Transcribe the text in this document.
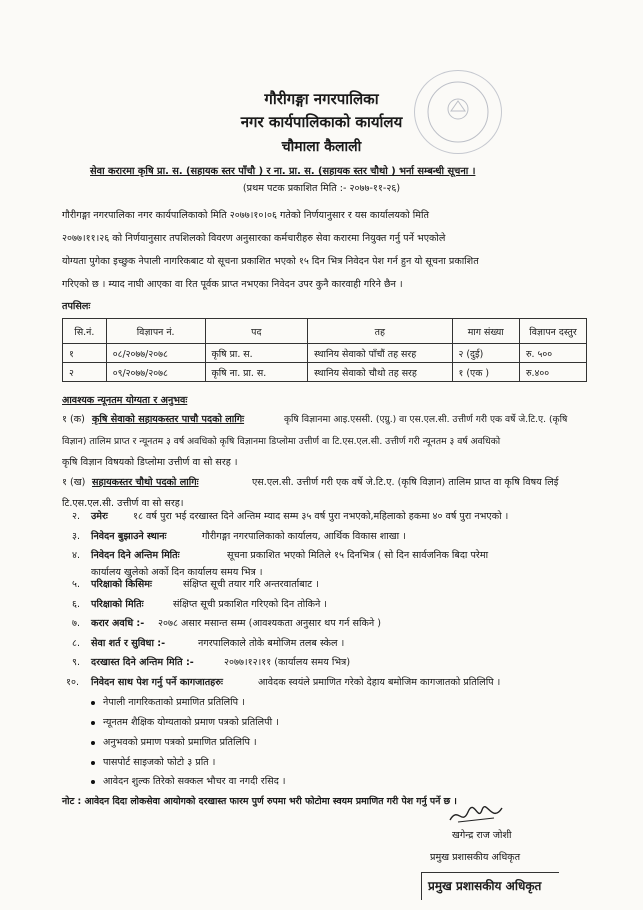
गौरीगङ्गा नगरपालिका
नगर कार्यपालिकाको कार्यालय
चौमाला कैलाली
सेवा करारमा कृषि प्रा. स. (सहायक स्तर पाँचौ ) र ना. प्रा. स. (सहायक स्तर चौथो ) भर्ना सम्बन्धी सूचना ।
(प्रथम पटक प्रकाशित मिति :- २०७७-११-२६)
गौरीगङ्गा नगरपालिका नगर कार्यपालिकाको मिति २०७७।१०।०६ गतेको निर्णयानुसार र यस कार्यालयको मिति
२०७७।११।२६ को निर्णयानुसार तपशिलको विवरण अनुसारका कर्मचारीहरु सेवा करारमा नियुक्त गर्नु पर्ने भएकोले
योग्यता पुगेका इच्छुक नेपाली नागरिकबाट यो सूचना प्रकाशित भएको १५ दिन भित्र निवेदन पेश गर्न हुन यो सूचना प्रकाशित
गरिएको छ । म्याद नाघी आएका वा रित पूर्वक प्राप्त नभएका निवेदन उपर कुनै कारवाही गरिने छैन ।
तपसिलः
सि.नं.	विज्ञापन नं.	पद	तह	माग संख्या	विज्ञापन दस्तुर
१	०८/२०७७/२०७८	कृषि प्रा. स.	स्थानिय सेवाको पाँचौं तह सरह	२ (दुई)	रु. ५००
२	०९/२०७७/२०७८	कृषि ना. प्रा. स.	स्थानिय सेवाको चौथो तह सरह	१ (एक )	रु.४००
आवश्यक न्यूनतम योग्यता र अनुभवः
१ (क) कृषि सेवाको सहायकस्तर पाचौ पदको लागिः	कृषि विज्ञानमा आइ.एससी. (एग्रु.) वा एस.एल.सी. उत्तीर्ण गरी एक वर्षे जे.टि.ए. (कृषि
विज्ञान) तालिम प्राप्त र न्यूनतम ३ वर्ष अवधिको कृषि विज्ञानमा डिप्लोमा उत्तीर्ण वा टि.एस.एल.सी. उत्तीर्ण गरी न्यूनतम ३ वर्ष अवधिको
कृषि विज्ञान विषयको डिप्लोमा उत्तीर्ण वा सो सरह ।
१ (ख) सहायकस्तर चौथो पदको लागिः	एस.एल.सी. उत्तीर्ण गरी एक वर्षे जे.टि.ए. (कृषि विज्ञान) तालिम प्राप्त वा कृषि विषय लिई
टि.एस.एल.सी. उत्तीर्ण वा सो सरह।
२. उमेरः	१८ वर्ष पुरा भई दरखास्त दिने अन्तिम म्याद सम्म ३५ वर्ष पुरा नभएको,महिलाको हकमा ४० वर्ष पुरा नभएको ।
३. निवेदन बुझाउने स्थानः	गौरीगङ्गा नगरपालिकाको कार्यालय, आर्थिक विकास शाखा ।
४. निवेदन दिने अन्तिम मितिः	सूचना प्रकाशित भएको मितिले १५ दिनभित्र ( सो दिन सार्वजनिक बिदा परेमा
कार्यालय खुलेको अर्को दिन कार्यालय समय भित्र ।
५. परिक्षाको किसिमः	संक्षिप्त सूची तयार गरि अन्तरवार्ताबाट ।
६. परिक्षाको मितिः	संक्षिप्त सूची प्रकाशित गरिएको दिन तोकिने ।
७. करार अवधि :- २०७८ असार मसान्त सम्म (आवश्यकता अनुसार थप गर्न सकिने )
८. सेवा शर्त र सुविधा :-	नगरपालिकाले तोके बमोजिम तलब स्केल ।
९. दरखास्त दिने अन्तिम मिति :-	२०७७।१२।११ (कार्यालय समय भित्र)
१०. निवेदन साथ पेश गर्नु पर्ने कागजातहरुः	आवेदक स्वयंले प्रमाणित गरेको देहाय बमोजिम कागजातको प्रतिलिपि ।
नेपाली नागरिकताको प्रमाणित प्रतिलिपि ।
न्यूनतम शैक्षिक योग्यताको प्रमाण पत्रको प्रतिलिपी ।
अनुभवको प्रमाण पत्रको प्रमाणित प्रतिलिपि ।
पासपोर्ट साइजको फोटो ३ प्रति ।
आवेदन शुल्क तिरेको सक्कल भौचर वा नगदी रसिद ।
नोट : आवेदन दिदा लोकसेवा आयोगको दरखास्त फारम पुर्ण रुपमा भरी फोटोमा स्वयम प्रमाणित गरी पेश गर्नु पर्ने छ ।
खगेन्द्र राज जोशी
प्रमुख प्रशासकीय अधिकृत
प्रमुख प्रशासकीय अधिकृत
